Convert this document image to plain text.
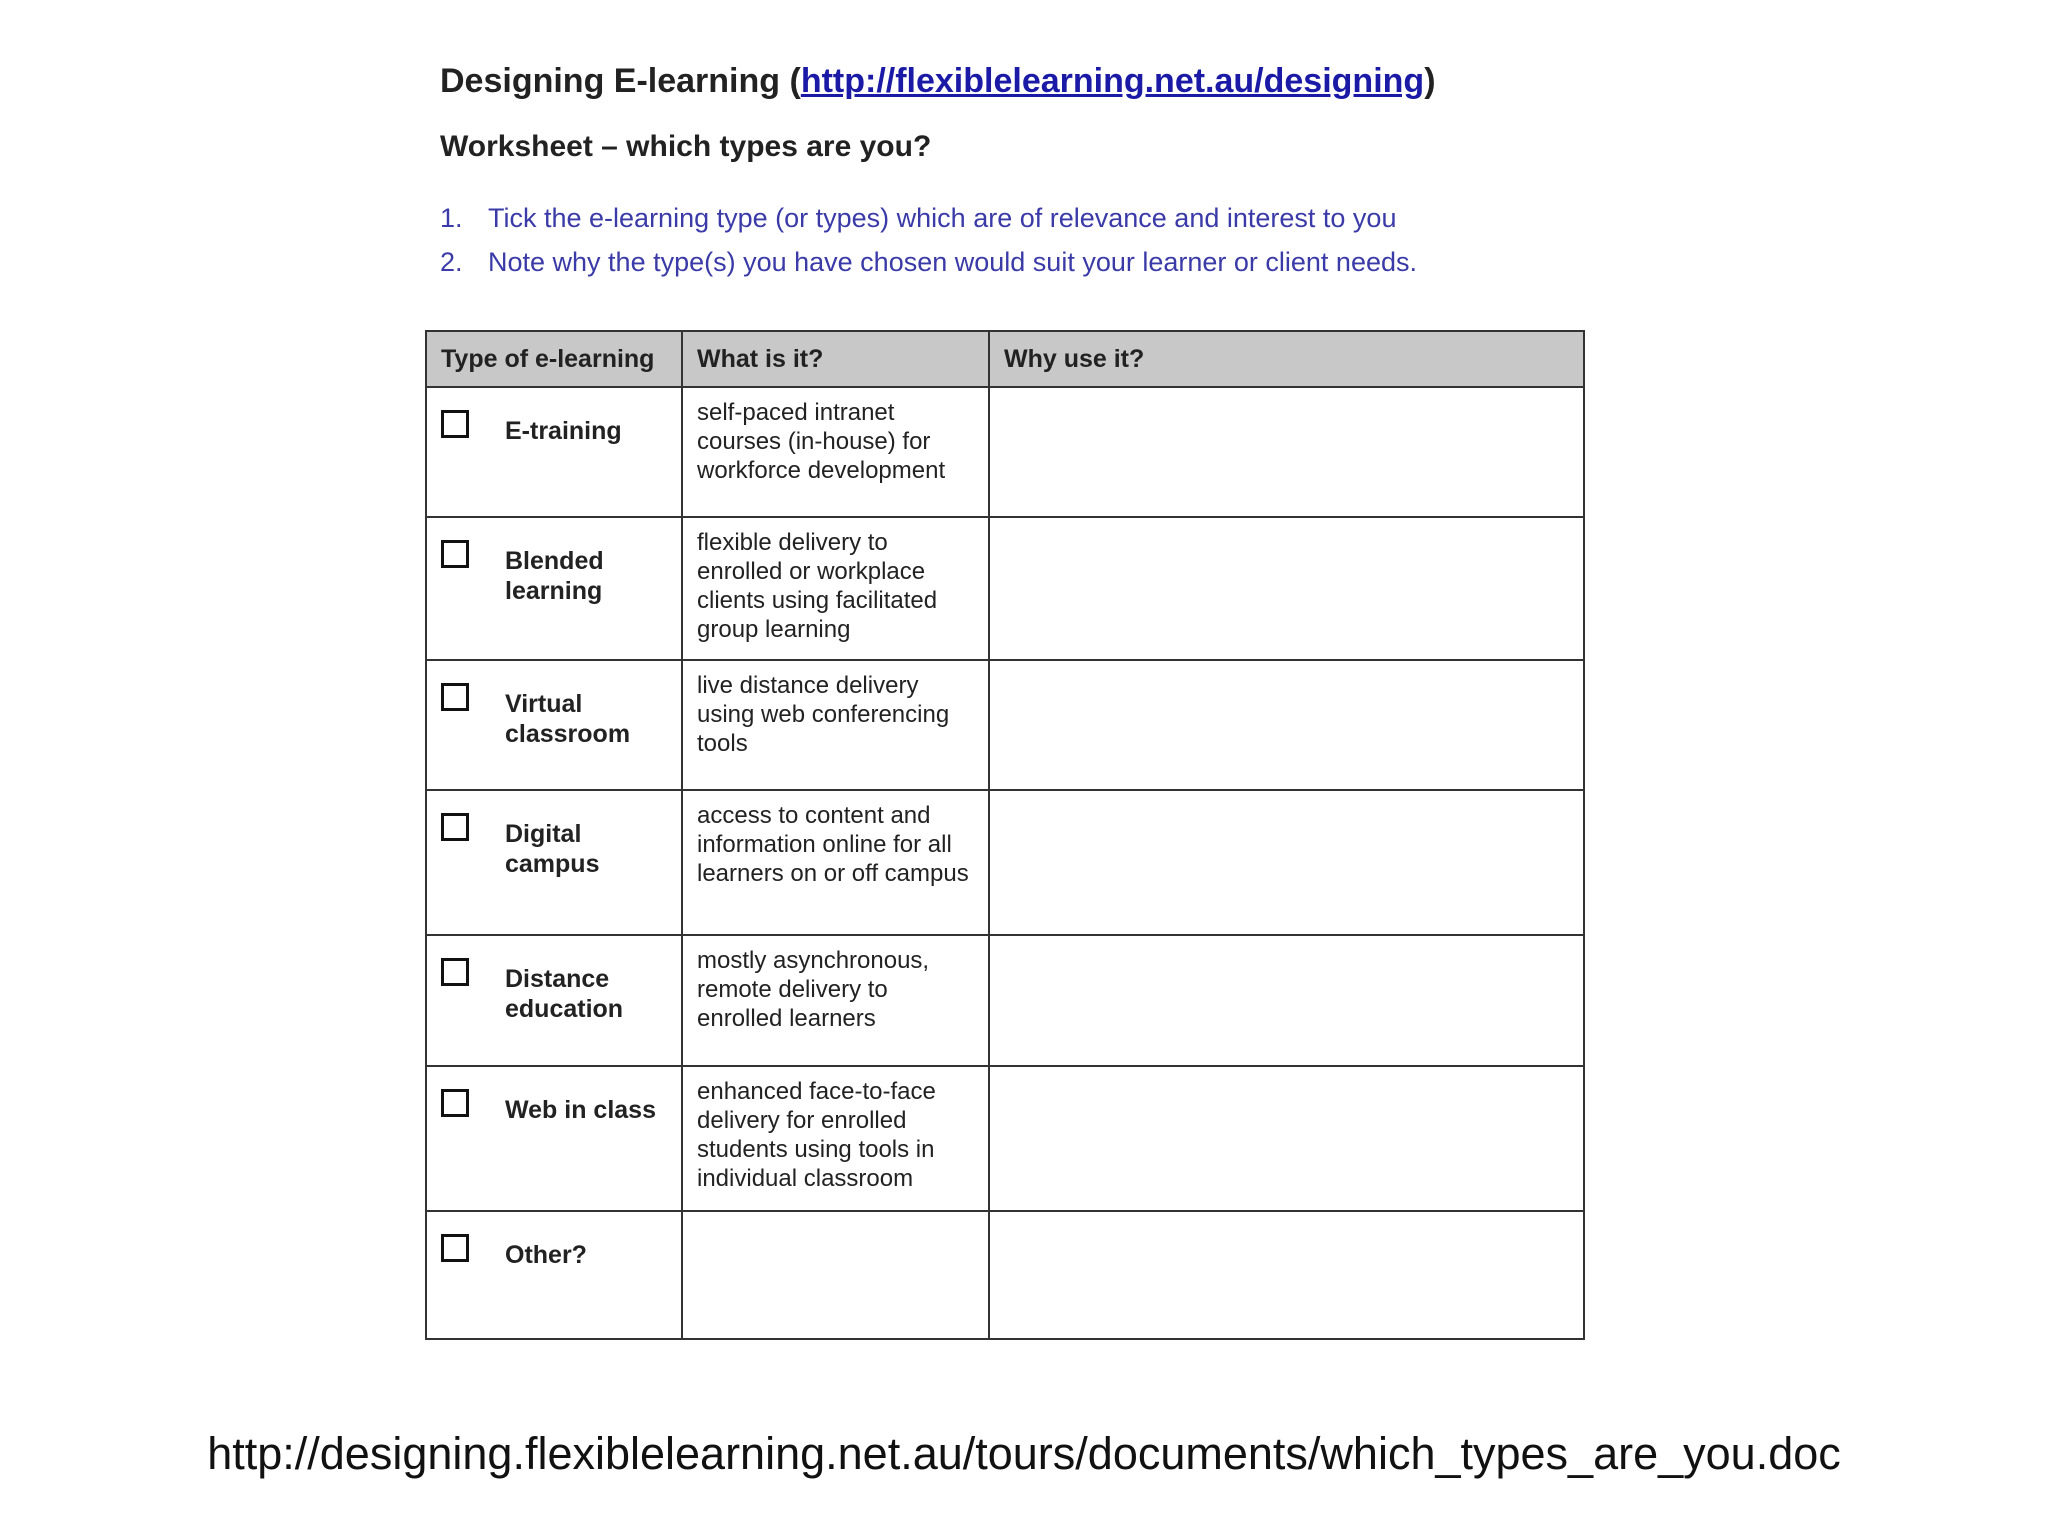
Designing E-learning (http://flexiblelearning.net.au/designing)
Worksheet – which types are you?
1. Tick the e-learning type (or types) which are of relevance and interest to you
2. Note why the type(s) you have chosen would suit your learner or client needs.
Type of e-learning	What is it?	Why use it?

E-training	self-paced intranet courses (in-house) for workforce development	

Blended learning	flexible delivery to enrolled or workplace clients using facilitated group learning	

Virtual classroom	live distance delivery using web conferencing tools	

Digital campus	access to content and information online for all learners on or off campus	

Distance education	mostly asynchronous, remote delivery to enrolled learners	

Web in class	enhanced face-to-face delivery for enrolled students using tools in individual classroom	

Other?		

http://designing.flexiblelearning.net.au/tours/documents/which_types_are_you.doc
